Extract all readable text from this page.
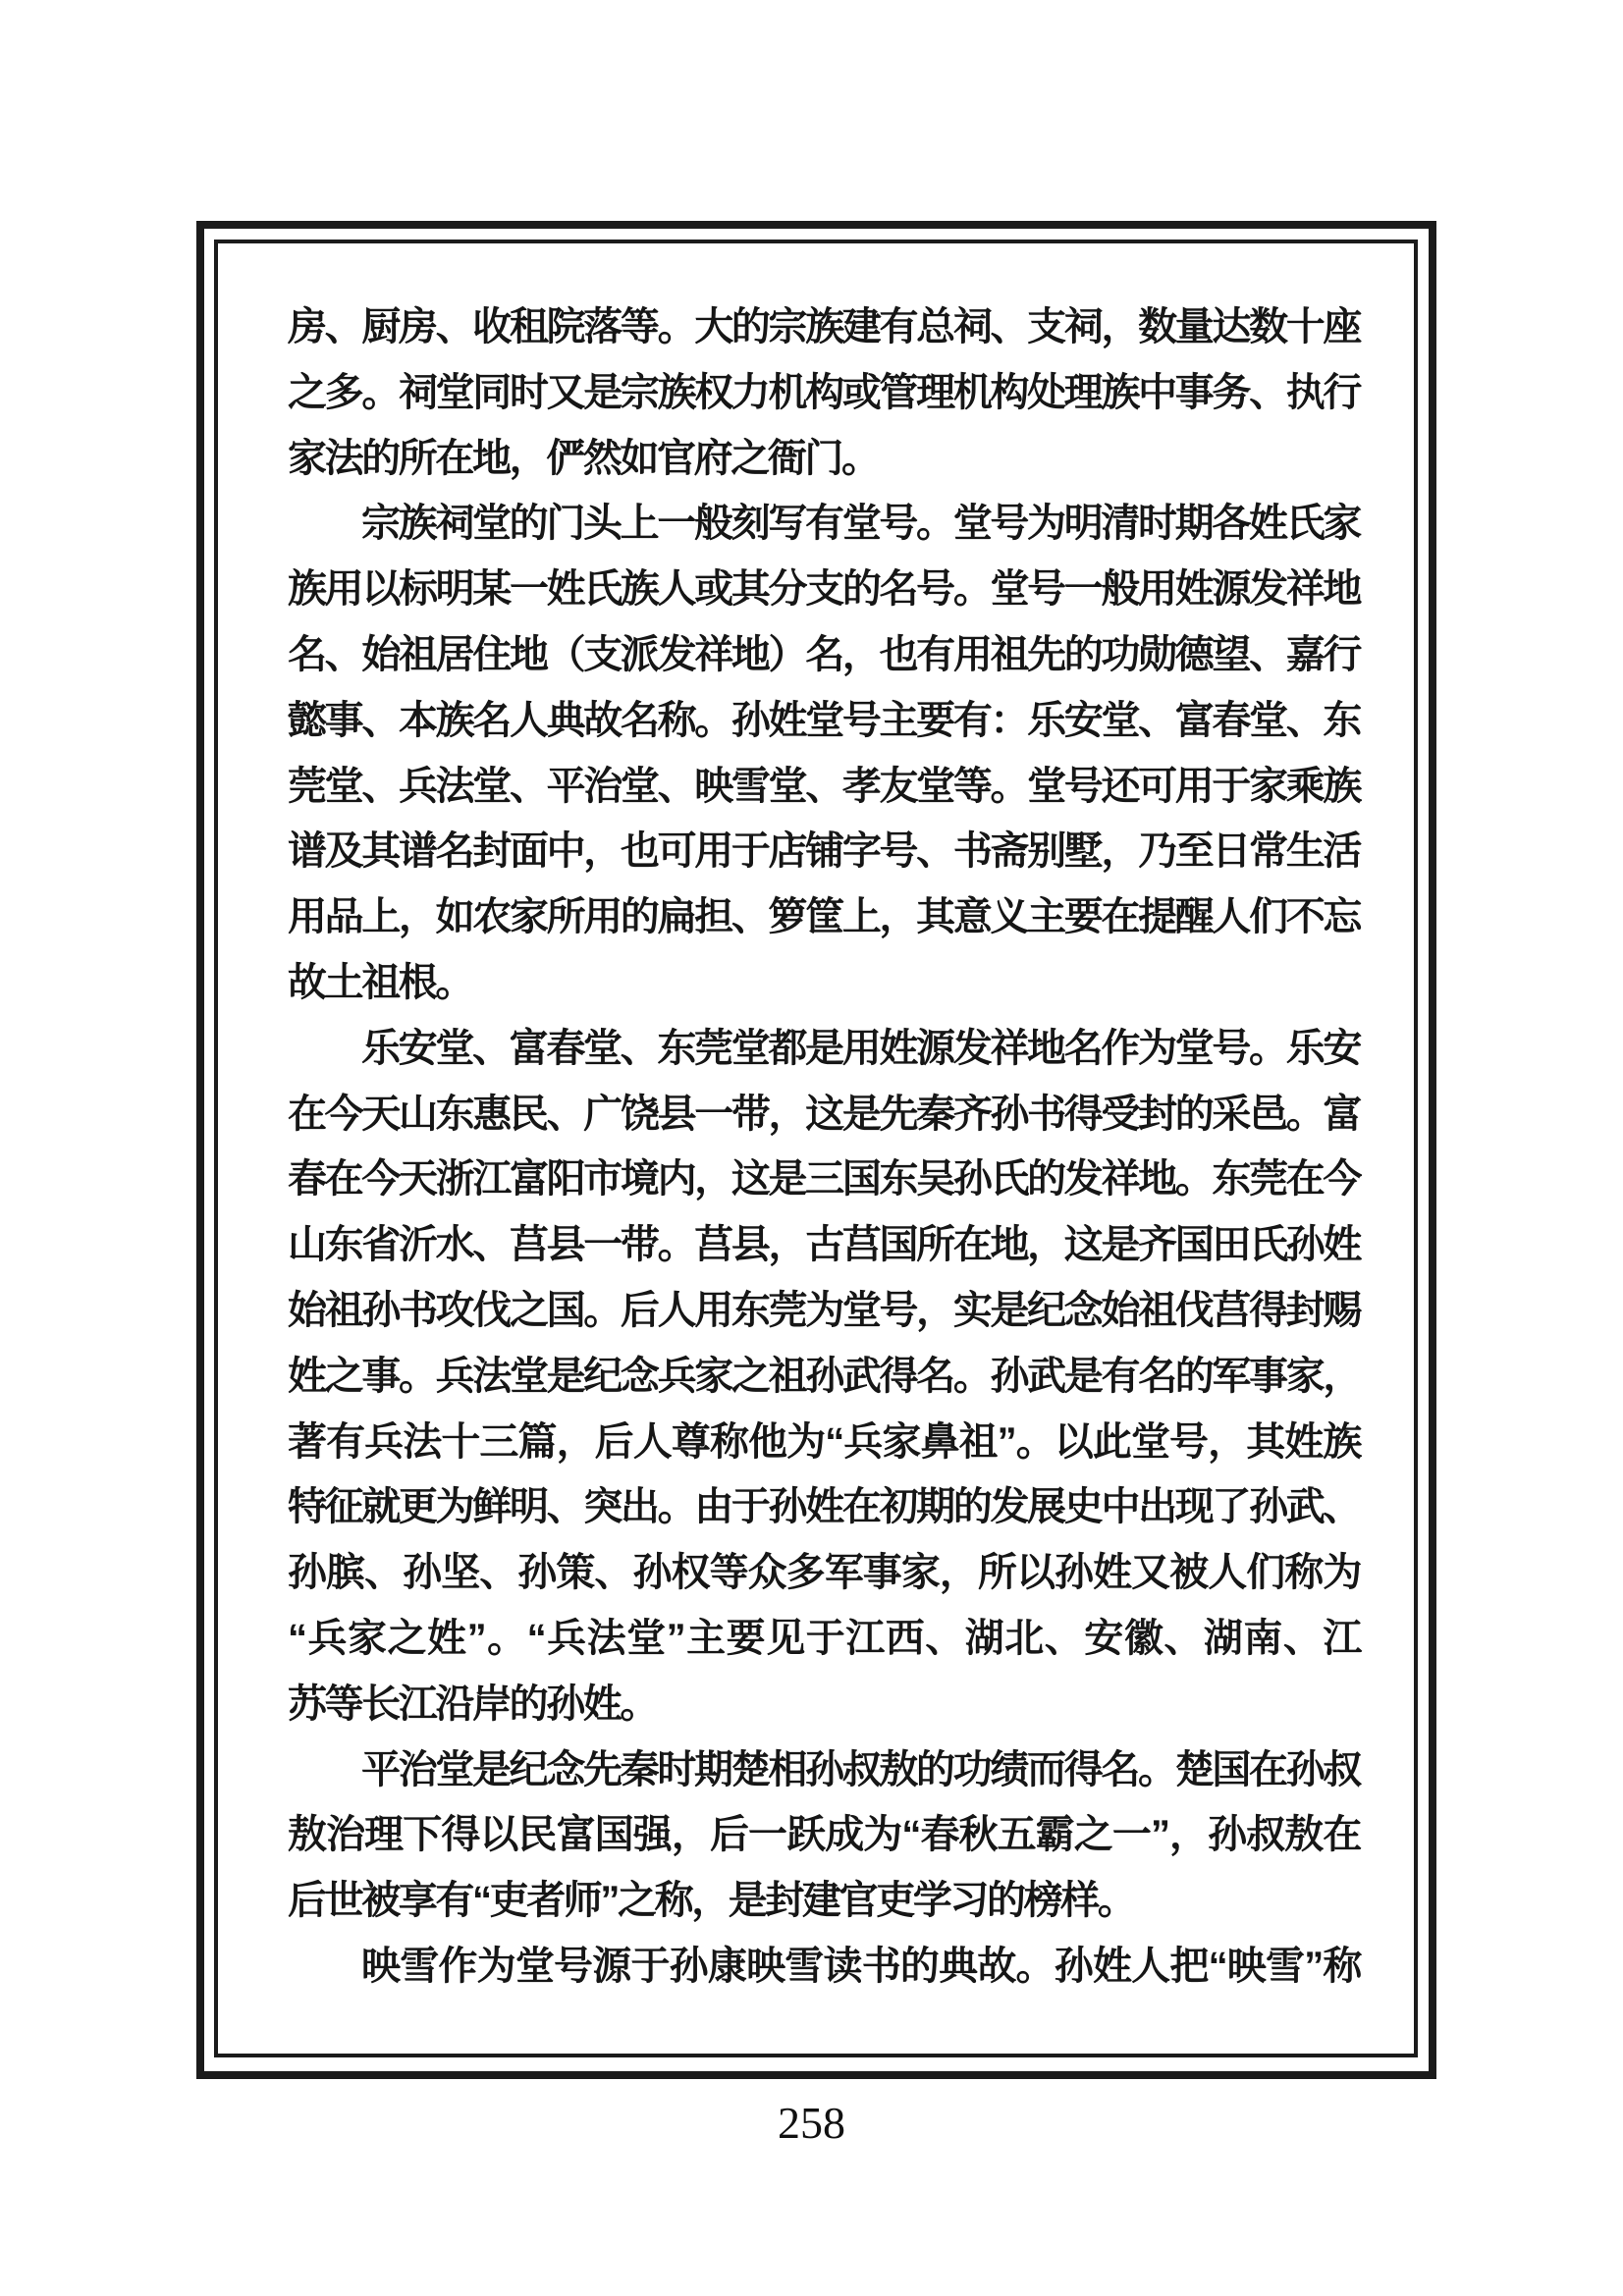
房、厨房、收租院落等。大的宗族建有总祠、支祠，数量达数十座
之多。祠堂同时又是宗族权力机构或管理机构处理族中事务、执行
家法的所在地，俨然如官府之衙门。
宗族祠堂的门头上一般刻写有堂号。堂号为明清时期各姓氏家
族用以标明某一姓氏族人或其分支的名号。堂号一般用姓源发祥地
名、始祖居住地（支派发祥地）名，也有用祖先的功勋德望、嘉行
懿事、本族名人典故名称。孙姓堂号主要有：乐安堂、富春堂、东
莞堂、兵法堂、平治堂、映雪堂、孝友堂等。堂号还可用于家乘族
谱及其谱名封面中，也可用于店铺字号、书斋别墅，乃至日常生活
用品上，如农家所用的扁担、箩筐上，其意义主要在提醒人们不忘
故土祖根。
乐安堂、富春堂、东莞堂都是用姓源发祥地名作为堂号。乐安
在今天山东惠民、广饶县一带，这是先秦齐孙书得受封的采邑。富
春在今天浙江富阳市境内，这是三国东吴孙氏的发祥地。东莞在今
山东省沂水、莒县一带。莒县，古莒国所在地，这是齐国田氏孙姓
始祖孙书攻伐之国。后人用东莞为堂号，实是纪念始祖伐莒得封赐
姓之事。兵法堂是纪念兵家之祖孙武得名。孙武是有名的军事家，
著有兵法十三篇，后人尊称他为“兵家鼻祖”。以此堂号，其姓族
特征就更为鲜明、突出。由于孙姓在初期的发展史中出现了孙武、
孙膑、孙坚、孙策、孙权等众多军事家，所以孙姓又被人们称为
“兵家之姓”。“兵法堂”主要见于江西、湖北、安徽、湖南、江
苏等长江沿岸的孙姓。
平治堂是纪念先秦时期楚相孙叔敖的功绩而得名。楚国在孙叔
敖治理下得以民富国强，后一跃成为“春秋五霸之一”，孙叔敖在
后世被享有“吏者师”之称，是封建官吏学习的榜样。
映雪作为堂号源于孙康映雪读书的典故。孙姓人把“映雪”称
258
